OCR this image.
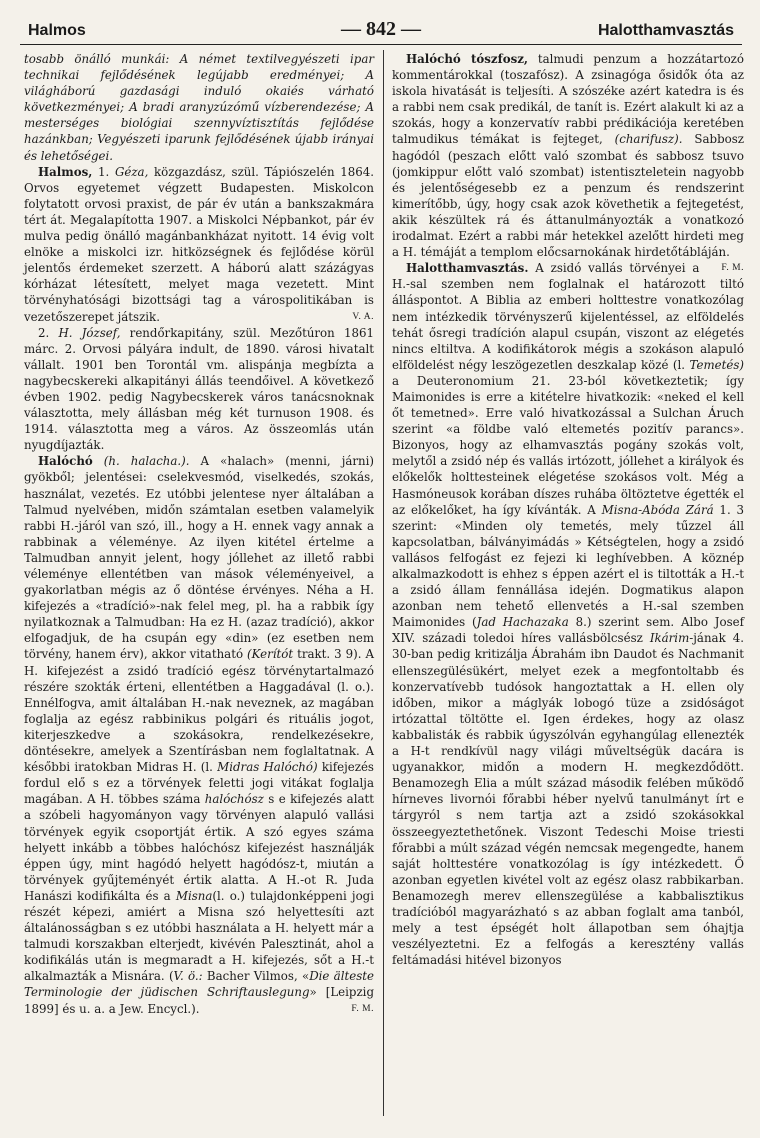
Halmos	— 842 —	Halotthamvasztás

tosabb önálló munkái: A német textilvegyészeti ipar technikai fejlődésének legújabb eredményei; A világháború gazdasági induló okaiés várható következményei; A bradi aranyzúzómű vízberendezése; A mesterséges biológiai szennyvíztisztítás fejlődése hazánkban; Vegyészeti iparunk fejlődésének újabb irányai és lehetőségei.

Halmos, 1. Géza, közgazdász, szül. Tápiószelén 1864. Orvos egyetemet végzett Budapesten. Miskolcon folytatott orvosi praxist, de pár év után a bankszakmára tért át. Megalapította 1907. a Miskolci Népbankot, pár év mulva pedig önálló magánbankházat nyitott. 14 évig volt elnöke a miskolci izr. hitközségnek és fejlődése körül jelentős érdemeket szerzett. A háború alatt százágyas kórházat létesített, melyet maga vezetett. Mint törvényhatósági bizottsági tag a várospolitikában is vezetőszerepet játszik.	V. A.

2. H. József, rendőrkapitány, szül. Mezőtúron 1861 márc. 2. Orvosi pályára indult, de 1890. városi hivatalt vállalt. 1901 ben Torontál vm. alispánja megbízta a nagybecskereki alkapitányi állás teendőivel. A következő évben 1902. pedig Nagybecskerek város tanácsnoknak választotta, mely állásban még két turnuson 1908. és 1914. választotta meg a város. Az összeomlás után nyugdíjazták.

Halóchó (h. halacha.). A «halach» (menni, járni) gyökből; jelentései: cselekvesmód, viselkedés, szokás, használat, vezetés. Ez utóbbi jelentese nyer általában a Talmud nyelvében, midőn számtalan esetben valamelyik rabbi H.-járól van szó, ill., hogy a H. ennek vagy annak a rabbinak a véleménye. Az ilyen kitétel értelme a Talmudban annyit jelent, hogy jóllehet az illető rabbi véleménye ellentétben van mások véleményeivel, a gyakorlatban mégis az ő döntése érvényes. Néha a H. kifejezés a «tradíció»-nak felel meg, pl. ha a rabbik így nyilatkoznak a Talmudban: Ha ez H. (azaz tradíció), akkor elfogadjuk, de ha csupán egy «din» (ez esetben nem törvény, hanem érv), akkor vitatható (Kerítót trakt. 3 9). A H. kifejezést a zsidó tradíció egész törvénytartalmazó részére szokták érteni, ellentétben a Haggadával (l. o.). Ennélfogva, amit általában H.-nak neveznek, az magában foglalja az egész rabbinikus polgári és rituális jogot, kiterjeszkedve a szokásokra, rendelkezésekre, döntésekre, amelyek a Szentírásban nem foglaltatnak. A későbbi iratokban Midras H. (l. Midras Halóchó) kifejezés fordul elő s ez a törvények feletti jogi vitákat foglalja magában. A H. többes száma halóchósz s e kifejezés alatt a szóbeli hagyományon vagy törvényen alapuló vallási törvények egyik csoportját értik. A szó egyes száma helyett inkább a többes halóchósz kifejezést használják éppen úgy, mint hagódó helyett hagódósz-t, miután a törvények gyűjteményét értik alatta. A H.-ot R. Juda Hanászi kodifikálta és a Misna(l. o.) tulajdonképpeni jogi részét képezi, amiért a Misna szó helyettesíti azt általánosságban s ez utóbbi használata a H. helyett már a talmudi korszakban elterjedt, kivévén Palesztinát, ahol a kodifikálás után is megmaradt a H. kifejezés, sőt a H.-t alkalmazták a Misnára. (V. ö.: Bacher Vilmos, «Die älteste Terminologie der jüdischen Schriftauslegung» [Leipzig 1899] és u. a. a Jew. Encycl.).	F. M.

Halóchó tószfosz, talmudi penzum a hozzátartozó kommentárokkal (toszafósz). A zsinagóga ősidők óta az iskola hivatását is teljesíti. A szószéke azért katedra is és a rabbi nem csak predikál, de tanít is. Ezért alakult ki az a szokás, hogy a konzervatív rabbi prédikációja keretében talmudikus témákat is fejteget, (charifusz). Sabbosz hagódól (peszach előtt való szombat és sabbosz tsuvo (jomkippur előtt való szombat) istentiszteletein nagyobb és jelentőségesebb ez a penzum és rendszerint kimerítőbb, úgy, hogy csak azok követhetik a fejtegetést, akik készültek rá és áttanulmányozták a vonatkozó irodalmat. Ezért a rabbi már hetekkel azelőtt hirdeti meg a H. témáját a templom előcsarnokának hirdetőtábláján.
F. M.

Halotthamvasztás. A zsidó vallás törvényei a H.-sal szemben nem foglalnak el határozott tiltó álláspontot. A Biblia az emberi holttestre vonatkozólag nem intézkedik törvényszerű kijelentéssel, az elföldelés tehát ősregi tradíción alapul csupán, viszont az elégetés nincs eltiltva. A kodifikátorok mégis a szokáson alapuló elföldelést négy leszögezetlen deszkalap közé (l. Temetés) a Deuteronomium 21. 23-ból következtetik; így Maimonides is erre a kitételre hivatkozik: «neked el kell őt temetned». Erre való hivatkozással a Sulchan Áruch szerint «a földbe való eltemetés pozitív parancs». Bizonyos, hogy az elhamvasztás pogány szokás volt, melytől a zsidó nép és vallás irtózott, jóllehet a királyok és előkelők holttesteinek elégetése szokásos volt. Még a Hasmóneusok korában díszes ruhába öltöztetve égették el az előkelőket, ha így kívánták. A Misna-Abóda Zárá 1. 3 szerint: «Minden oly temetés, mely tűzzel áll kapcsolatban, bálványimádás » Kétségtelen, hogy a zsidó vallásos felfogást ez fejezi ki leghívebben. A köznép alkalmazkodott is ehhez s éppen azért el is tiltották a H.-t a zsidó állam fennállása idején. Dogmatikus alapon azonban nem tehető ellenvetés a H.-sal szemben Maimonides (Jad Hachazaka 8.) szerint sem. Albo Josef XIV. századi toledoi híres vallásbölcsész Ikárim-jának 4. 30-ban pedig kritizálja Ábrahám ibn Daudot és Nachmanit ellenszegülésükért, melyet ezek a megfontoltabb és konzervatívebb tudósok hangoztattak a H. ellen oly időben, mikor a máglyák lobogó tüze a zsidóságot irtózattal töltötte el. Igen érdekes, hogy az olasz kabbalisták és rabbik úgyszólván egyhangúlag ellenezték a H-t rendkívül nagy világi műveltségük dacára is ugyanakkor, midőn a modern H. megkezdődött. Benamozegh Elia a múlt század második felében működő hírneves livornói főrabbi héber nyelvű tanulmányt írt e tárgyról s nem tartja azt a zsidó szokásokkal összeegyeztethetőnek. Viszont Tedeschi Moise triesti főrabbi a múlt század végén nemcsak megengedte, hanem saját holttestére vonatkozólag is így intézkedett. Ő azonban egyetlen kivétel volt az egész olasz rabbikarban. Benamozegh merev ellenszegülése a kabbalisztikus tradícióból magyarázható s az abban foglalt ama tanból, mely a test épségét holt állapotban sem óhajtja veszélyeztetni. Ez a felfogás a keresztény vallás feltámadási hitével bizonyos
